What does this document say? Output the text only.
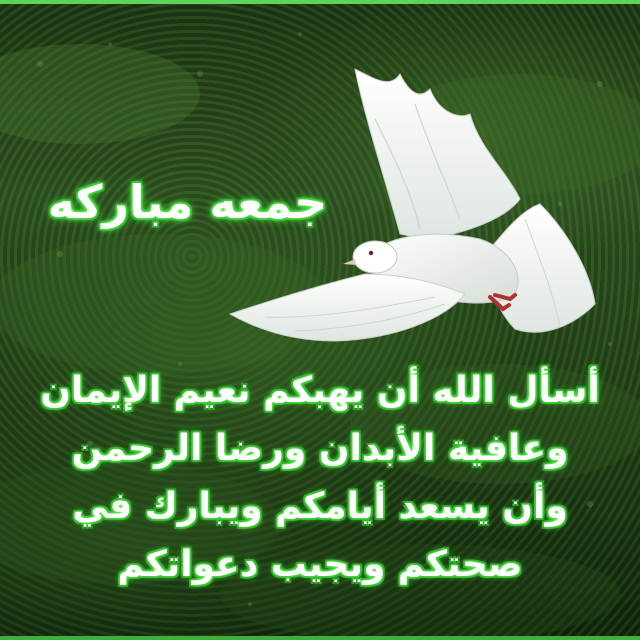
جمعه مباركه
أسأل الله أن يهبكم نعيم الإيمان
وعافية الأبدان ورضا الرحمن
وأن يسعد أيامكم ويبارك في
صحتكم ويجيب دعواتكم
